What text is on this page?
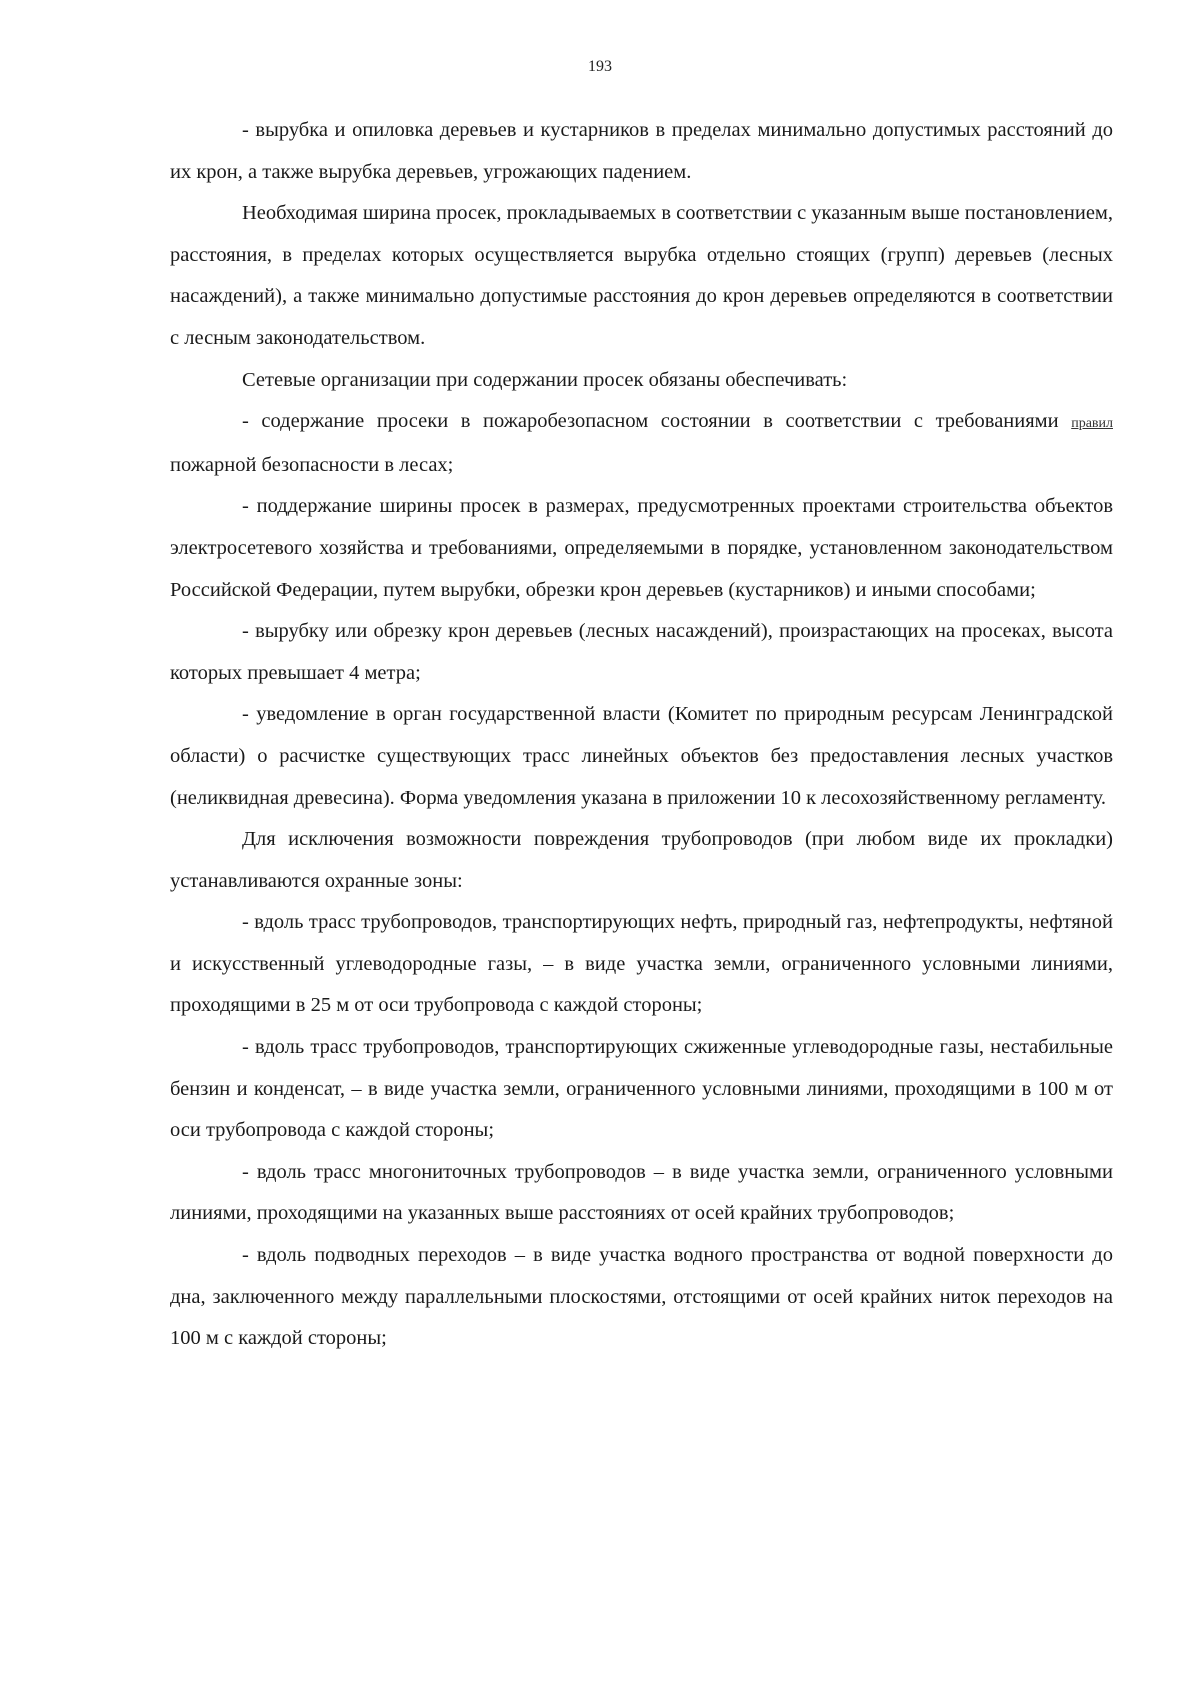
193

- вырубка и опиловка деревьев и кустарников в пределах минимально допустимых расстояний до их крон, а также вырубка деревьев, угрожающих падением.

Необходимая ширина просек, прокладываемых в соответствии с указанным выше постановлением, расстояния, в пределах которых осуществляется вырубка отдельно стоящих (групп) деревьев (лесных насаждений), а также минимально допустимые расстояния до крон деревьев определяются в соответствии с лесным законодательством.

Сетевые организации при содержании просек обязаны обеспечивать:

- содержание просеки в пожаробезопасном состоянии в соответствии с требованиями правил пожарной безопасности в лесах;

- поддержание ширины просек в размерах, предусмотренных проектами строительства объектов электросетевого хозяйства и требованиями, определяемыми в порядке, установленном законодательством Российской Федерации, путем вырубки, обрезки крон деревьев (кустарников) и иными способами;

- вырубку или обрезку крон деревьев (лесных насаждений), произрастающих на просеках, высота которых превышает 4 метра;

- уведомление в орган государственной власти (Комитет по природным ресурсам Ленинградской области) о расчистке существующих трасс линейных объектов без предоставления лесных участков (неликвидная древесина). Форма уведомления указана в приложении 10 к лесохозяйственному регламенту.

Для исключения возможности повреждения трубопроводов (при любом виде их прокладки) устанавливаются охранные зоны:

- вдоль трасс трубопроводов, транспортирующих нефть, природный газ, нефтепродукты, нефтяной и искусственный углеводородные газы, – в виде участка земли, ограниченного условными линиями, проходящими в 25 м от оси трубопровода с каждой стороны;

- вдоль трасс трубопроводов, транспортирующих сжиженные углеводородные газы, нестабильные бензин и конденсат, – в виде участка земли, ограниченного условными линиями, проходящими в 100 м от оси трубопровода с каждой стороны;

- вдоль трасс многониточных трубопроводов – в виде участка земли, ограниченного условными линиями, проходящими на указанных выше расстояниях от осей крайних трубопроводов;

- вдоль подводных переходов – в виде участка водного пространства от водной поверхности до дна, заключенного между параллельными плоскостями, отстоящими от осей крайних ниток переходов на 100 м с каждой стороны;
